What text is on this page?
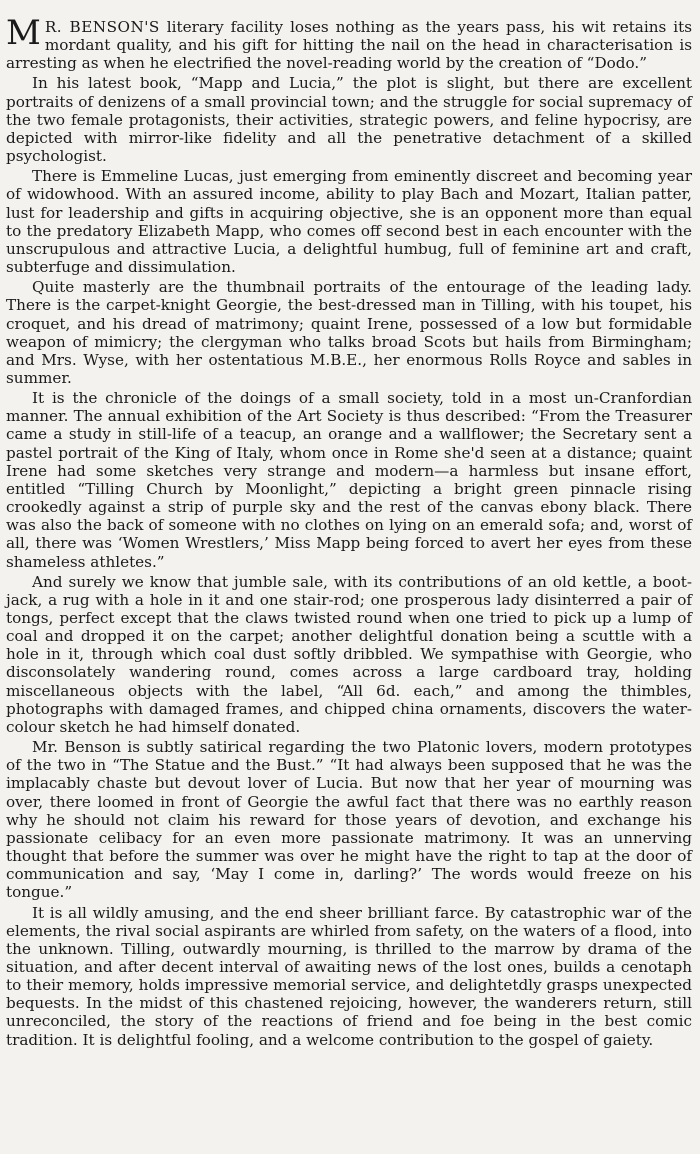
M R. BENSON'S literary facility loses nothing as the years pass, his wit retains its mordant quality, and his gift for hitting the nail on the head in characterisation is arresting as when he electrified the novel-reading world by the creation of “Dodo.”

In his latest book, “Mapp and Lucia,” the plot is slight, but there are excellent portraits of denizens of a small provincial town; and the struggle for social supremacy of the two female protagonists, their activities, strategic powers, and feline hypocrisy, are depicted with mirror-like fidelity and all the penetrative detachment of a skilled psychologist.

There is Emmeline Lucas, just emerging from eminently discreet and becoming year of widowhood. With an assured income, ability to play Bach and Mozart, Italian patter, lust for leadership and gifts in acquiring objective, she is an opponent more than equal to the predatory Elizabeth Mapp, who comes off second best in each encounter with the unscrupulous and attractive Lucia, a delightful humbug, full of feminine art and craft, subterfuge and dissimulation.

Quite masterly are the thumbnail portraits of the entourage of the leading lady. There is the carpet-knight Georgie, the best-dressed man in Tilling, with his toupet, his croquet, and his dread of matrimony; quaint Irene, possessed of a low but formidable weapon of mimicry; the clergyman who talks broad Scots but hails from Birmingham; and Mrs. Wyse, with her ostentatious M.B.E., her enormous Rolls Royce and sables in summer.

It is the chronicle of the doings of a small society, told in a most un-Cranfordian manner. The annual exhibition of the Art Society is thus described: “From the Treasurer came a study in still-life of a teacup, an orange and a wallflower; the Secretary sent a pastel portrait of the King of Italy, whom once in Rome she'd seen at a distance; quaint Irene had some sketches very strange and modern—a harmless but insane effort, entitled “Tilling Church by Moonlight,” depicting a bright green pinnacle rising crookedly against a strip of purple sky and the rest of the canvas ebony black. There was also the back of someone with no clothes on lying on an emerald sofa; and, worst of all, there was ‘Women Wrestlers,’ Miss Mapp being forced to avert her eyes from these shameless athletes.”

And surely we know that jumble sale, with its contributions of an old kettle, a boot-jack, a rug with a hole in it and one stair-rod; one prosperous lady disinterred a pair of tongs, perfect except that the claws twisted round when one tried to pick up a lump of coal and dropped it on the carpet; another delightful donation being a scuttle with a hole in it, through which coal dust softly dribbled. We sympathise with Georgie, who disconsolately wandering round, comes across a large cardboard tray, holding miscellaneous objects with the label, “All 6d. each,” and among the thimbles, photographs with damaged frames, and chipped china ornaments, discovers the water-colour sketch he had himself donated.

Mr. Benson is subtly satirical regarding the two Platonic lovers, modern prototypes of the two in “The Statue and the Bust.” “It had always been supposed that he was the implacably chaste but devout lover of Lucia. But now that her year of mourning was over, there loomed in front of Georgie the awful fact that there was no earthly reason why he should not claim his reward for those years of devotion, and exchange his passionate celibacy for an even more passionate matrimony. It was an unnerving thought that before the summer was over he might have the right to tap at the door of communication and say, ‘May I come in, darling?’ The words would freeze on his tongue.”

It is all wildly amusing, and the end sheer brilliant farce. By catastrophic war of the elements, the rival social aspirants are whirled from safety, on the waters of a flood, into the unknown. Tilling, outwardly mourning, is thrilled to the marrow by drama of the situation, and after decent interval of awaiting news of the lost ones, builds a cenotaph to their memory, holds impressive memorial service, and delightetdly grasps unexpected bequests. In the midst of this chastened rejoicing, however, the wanderers return, still unreconciled, the story of the reactions of friend and foe being in the best comic tradition. It is delightful fooling, and a welcome contribution to the gospel of gaiety.
